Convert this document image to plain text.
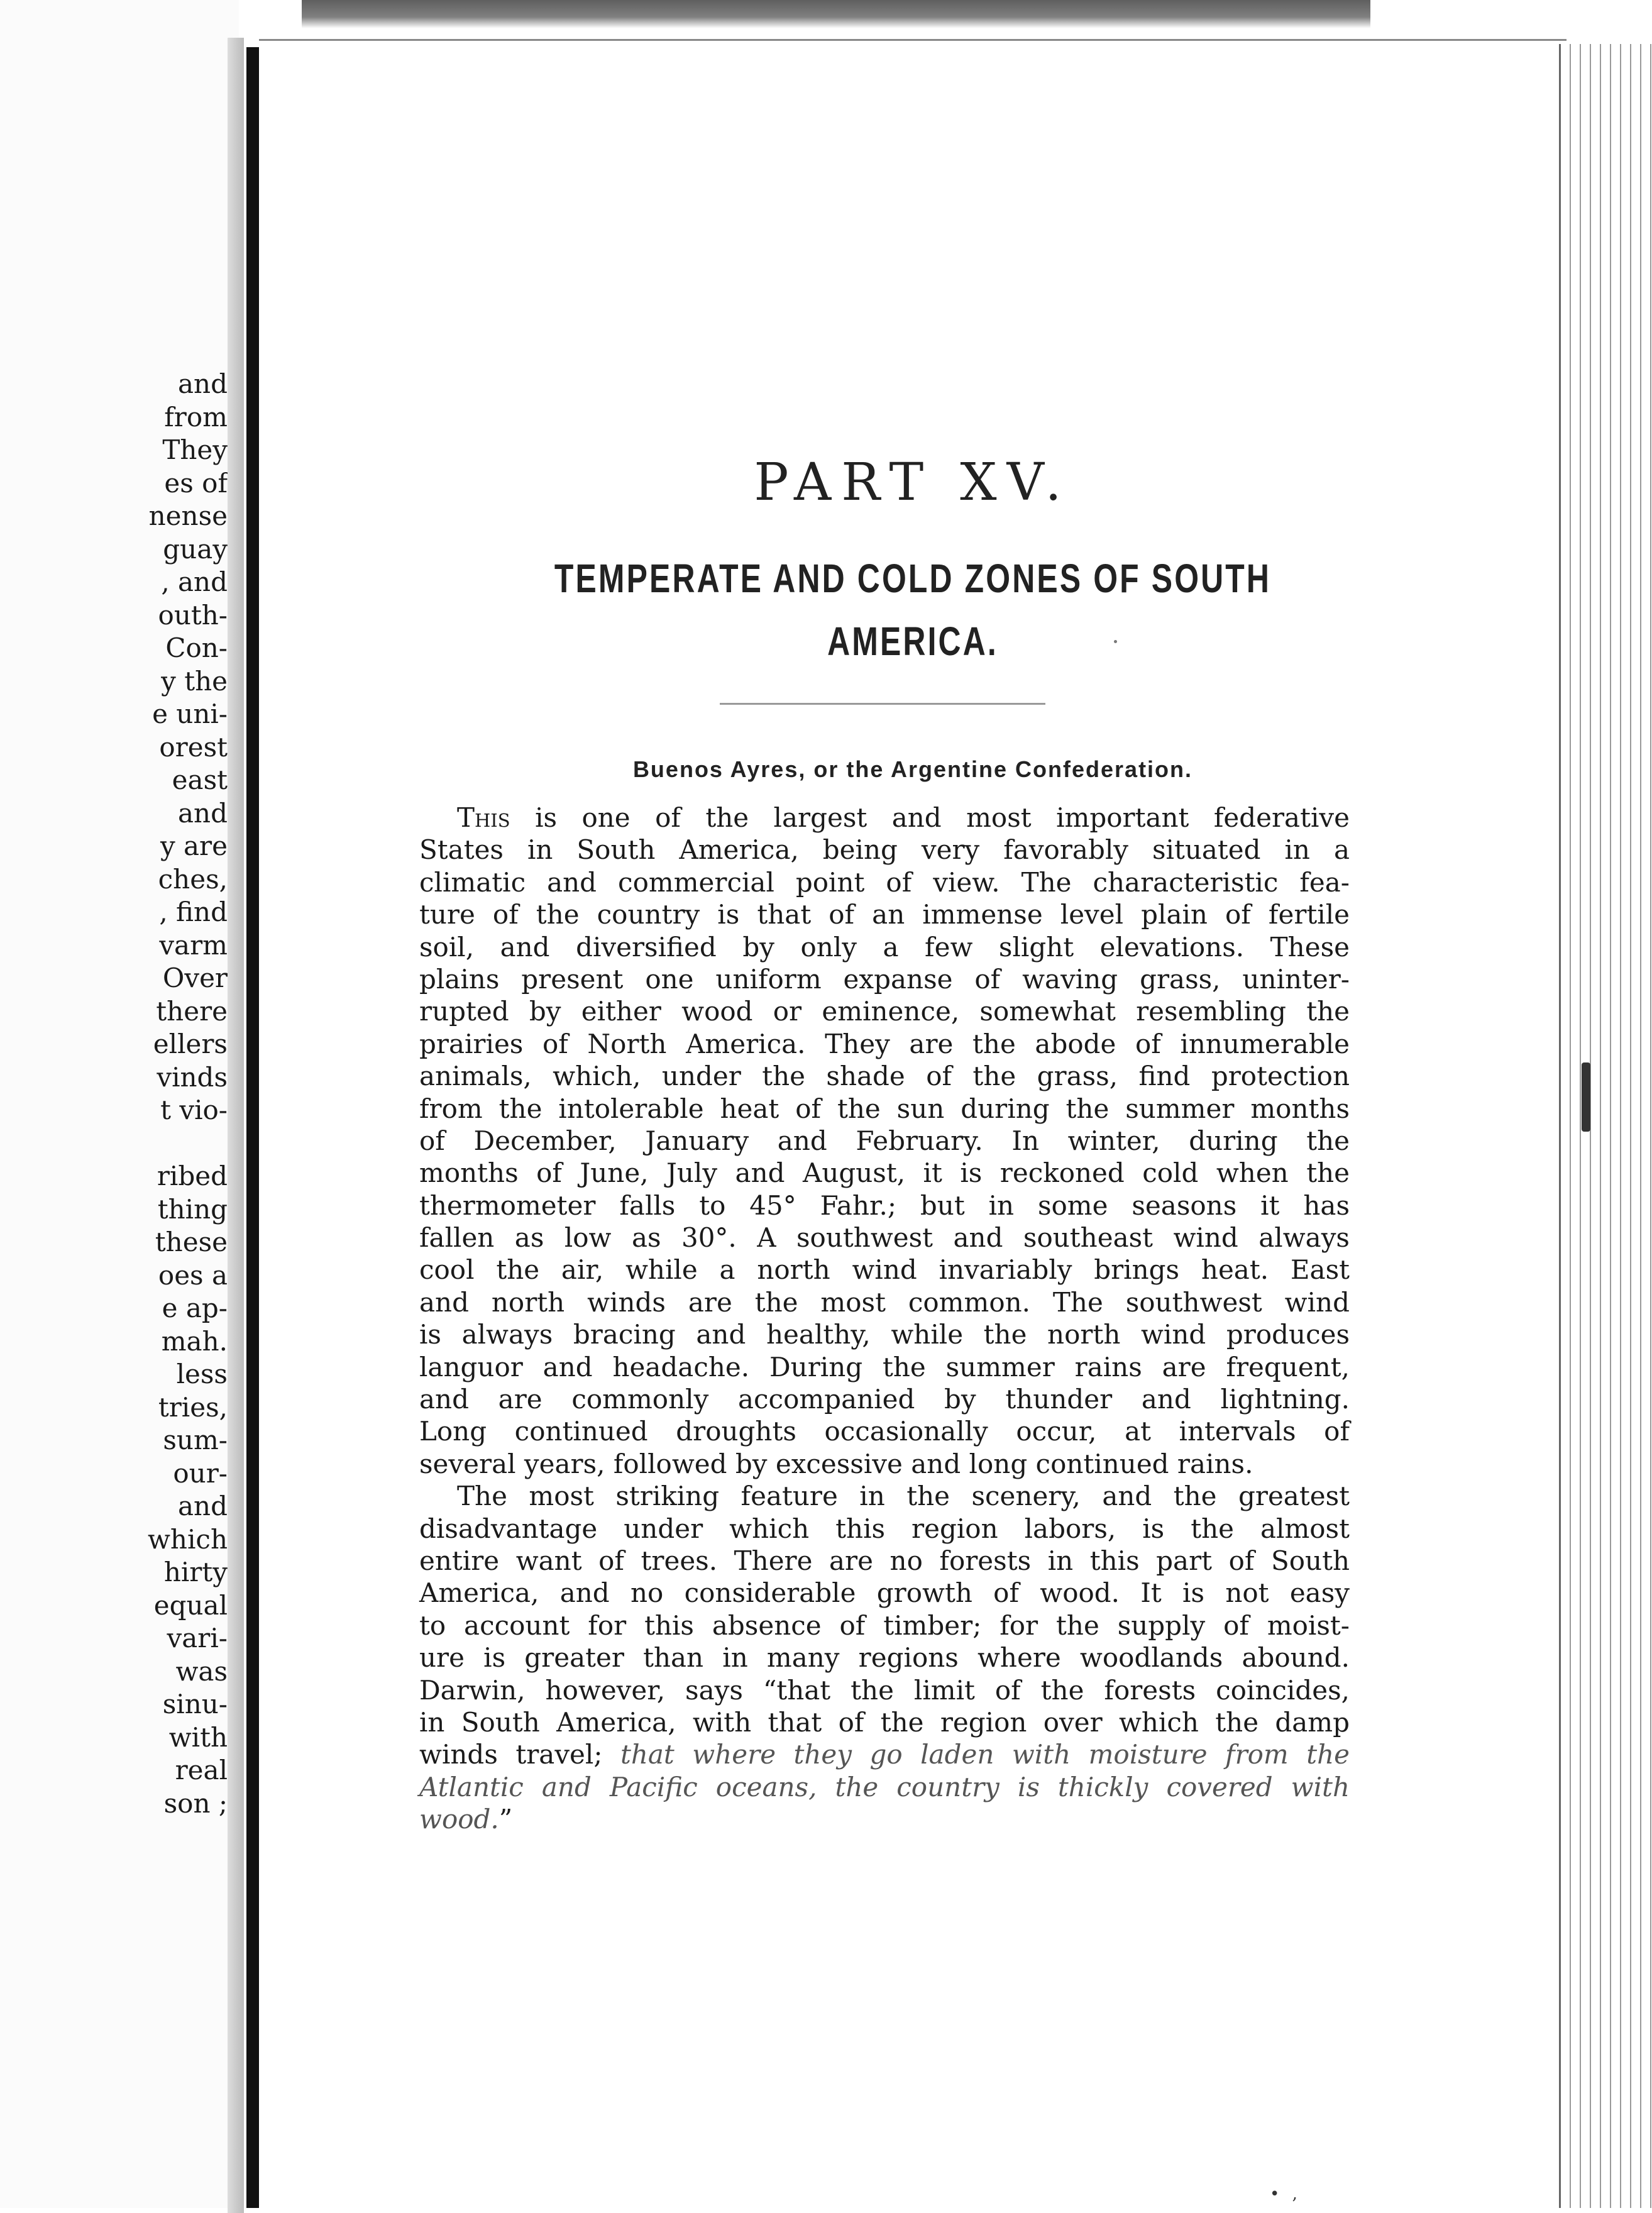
and
from
They
es of
nense
guay
, and
outh-
Con-
y the
e uni-
orest
east
and
y are
ches,
, find
varm
Over
there
ellers
vinds
t vio-
ribed
thing
these
oes a
e ap-
mah.
less
tries,
sum-
our-
and
which
hirty
equal
vari-
was
sinu-
with
real
son ;
PART XV.
TEMPERATE AND COLD ZONES OF SOUTH
AMERICA.
Buenos Ayres, or the Argentine Confederation.
This is one of the largest and most important federative
States in South America, being very favorably situated in a
climatic and commercial point of view. The characteristic fea-
ture of the country is that of an immense level plain of fertile
soil, and diversified by only a few slight elevations. These
plains present one uniform expanse of waving grass, uninter-
rupted by either wood or eminence, somewhat resembling the
prairies of North America. They are the abode of innumerable
animals, which, under the shade of the grass, find protection
from the intolerable heat of the sun during the summer months
of December, January and February. In winter, during the
months of June, July and August, it is reckoned cold when the
thermometer falls to 45° Fahr.; but in some seasons it has
fallen as low as 30°. A southwest and southeast wind always
cool the air, while a north wind invariably brings heat. East
and north winds are the most common. The southwest wind
is always bracing and healthy, while the north wind produces
languor and headache. During the summer rains are frequent,
and are commonly accompanied by thunder and lightning.
Long continued droughts occasionally occur, at intervals of
several years, followed by excessive and long continued rains.
The most striking feature in the scenery, and the greatest
disadvantage under which this region labors, is the almost
entire want of trees. There are no forests in this part of South
America, and no considerable growth of wood. It is not easy
to account for this absence of timber; for the supply of moist-
ure is greater than in many regions where woodlands abound.
Darwin, however, says “that the limit of the forests coincides,
in South America, with that of the region over which the damp
winds travel; that where they go laden with moisture from the
Atlantic and Pacific oceans, the country is thickly covered with
wood.”
• ,
